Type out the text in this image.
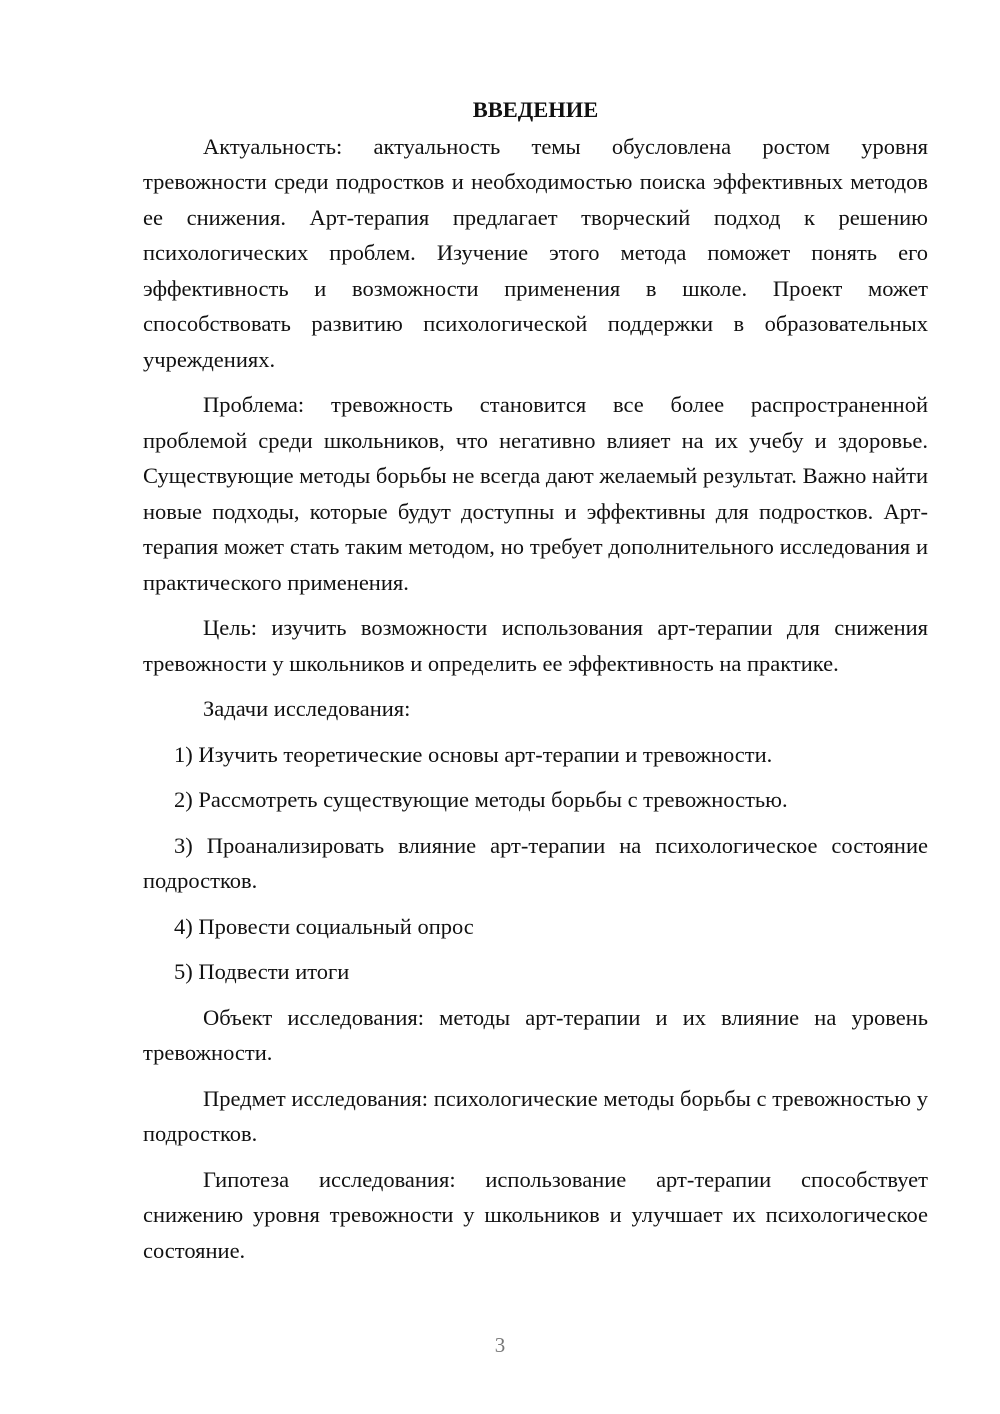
ВВЕДЕНИЕ

Актуальность: актуальность темы обусловлена ростом уровня тревожности среди подростков и необходимостью поиска эффективных методов ее снижения. Арт-терапия предлагает творческий подход к решению психологических проблем. Изучение этого метода поможет понять его эффективность и возможности применения в школе. Проект может способствовать развитию психологической поддержки в образовательных учреждениях.

Проблема: тревожность становится все более распространенной проблемой среди школьников, что негативно влияет на их учебу и здоровье. Существующие методы борьбы не всегда дают желаемый результат. Важно найти новые подходы, которые будут доступны и эффективны для подростков. Арт-терапия может стать таким методом, но требует дополнительного исследования и практического применения.

Цель: изучить возможности использования арт-терапии для снижения тревожности у школьников и определить ее эффективность на практике.

Задачи исследования:

1) Изучить теоретические основы арт-терапии и тревожности.

2) Рассмотреть существующие методы борьбы с тревожностью.

3) Проанализировать влияние арт-терапии на психологическое состояние подростков.

4) Провести социальный опрос

5) Подвести итоги

Объект исследования: методы арт-терапии и их влияние на уровень тревожности.

Предмет исследования: психологические методы борьбы с тревожностью у подростков.

Гипотеза исследования: использование арт-терапии способствует снижению уровня тревожности у школьников и улучшает их психологическое состояние.

3
